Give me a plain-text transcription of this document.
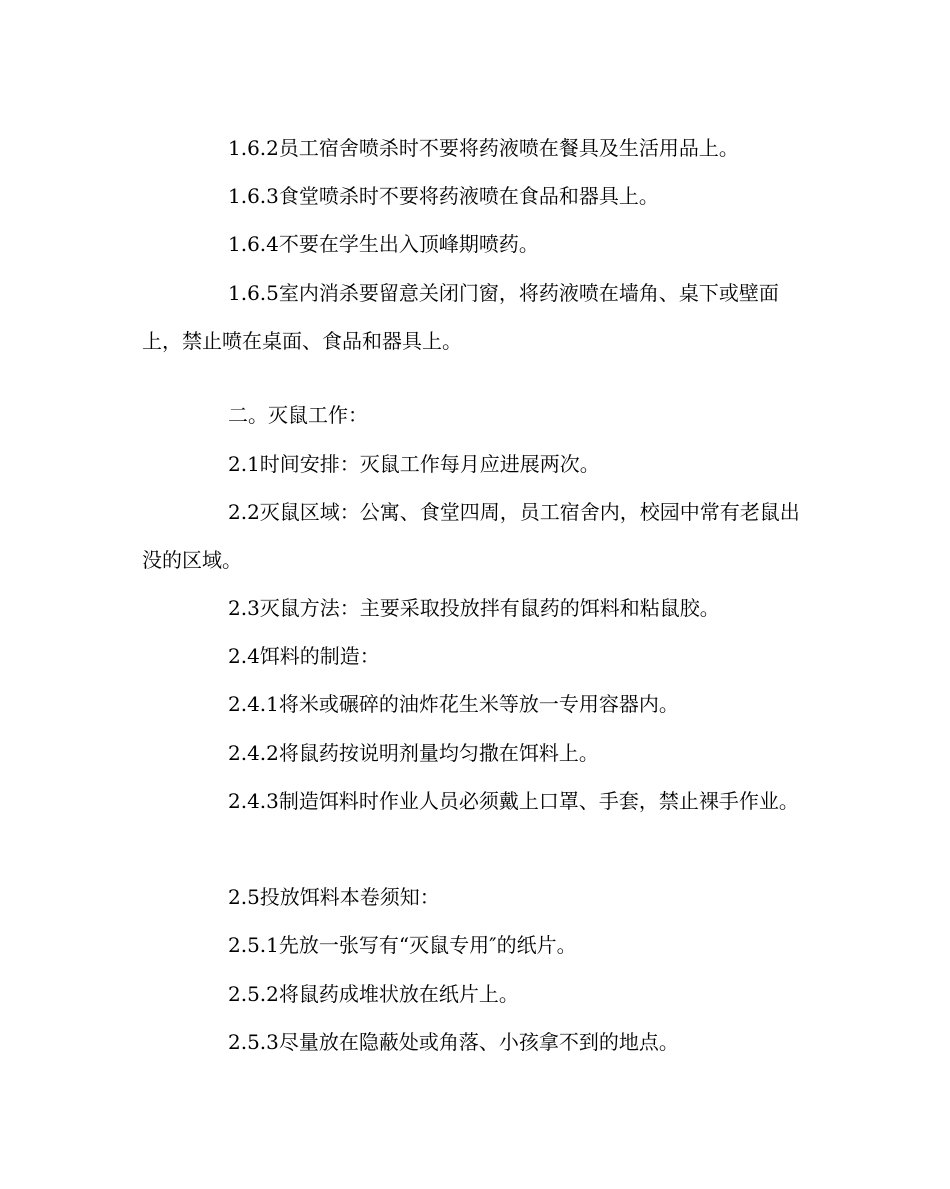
1.6.2员工宿舍喷杀时不要将药液喷在餐具及生活用品上。

1.6.3食堂喷杀时不要将药液喷在食品和器具上。

1.6.4不要在学生出入顶峰期喷药。

1.6.5室内消杀要留意关闭门窗，将药液喷在墙角、桌下或壁面上，禁止喷在桌面、食品和器具上。

二。灭鼠工作：

2.1时间安排：灭鼠工作每月应进展两次。

2.2灭鼠区域：公寓、食堂四周，员工宿舍内，校园中常有老鼠出没的区域。

2.3灭鼠方法：主要采取投放拌有鼠药的饵料和粘鼠胶。

2.4饵料的制造：

2.4.1将米或碾碎的油炸花生米等放一专用容器内。

2.4.2将鼠药按说明剂量均匀撒在饵料上。

2.4.3制造饵料时作业人员必须戴上口罩、手套，禁止裸手作业。

2.5投放饵料本卷须知：

2.5.1先放一张写有“灭鼠专用″的纸片。

2.5.2将鼠药成堆状放在纸片上。

2.5.3尽量放在隐蔽处或角落、小孩拿不到的地点。
